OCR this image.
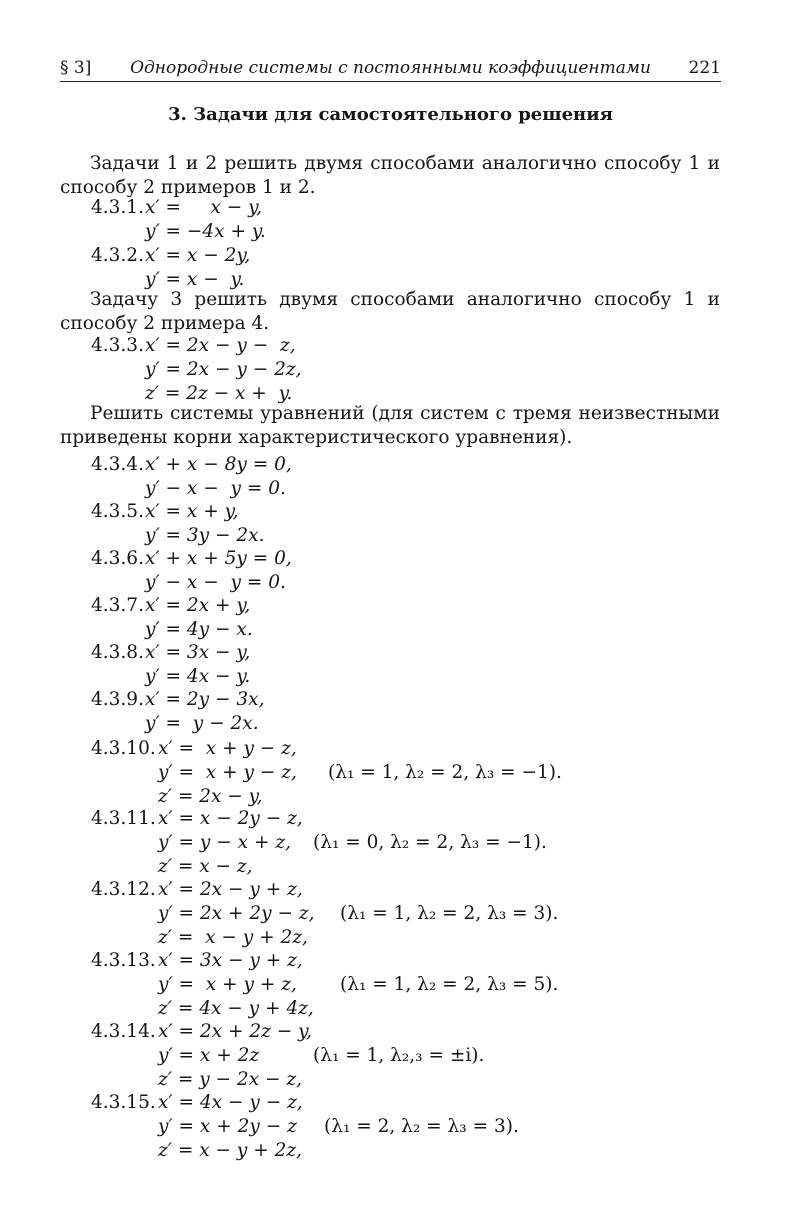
§ 3]	Однородные системы с постоянными коэффициентами	221
3. Задачи для самостоятельного решения
Задачи 1 и 2 решить двумя способами аналогично способу 1 и способу 2 примеров 1 и 2.
4.3.1. x′ =     x − y,
y′ = −4x + y.
4.3.2. x′ = x − 2y,
y′ = x −  y.
Задачу 3 решить двумя способами аналогично способу 1 и способу 2 примера 4.
4.3.3. x′ = 2x − y −  z,
y′ = 2x − y − 2z,
z′ = 2z − x +  y.
Решить системы уравнений (для систем с тремя неизвестными приведены корни характеристического уравнения).
4.3.4. x′ + x − 8y = 0,
y′ − x −  y = 0.
4.3.5. x′ = x + y,
y′ = 3y − 2x.
4.3.6. x′ + x + 5y = 0,
y′ − x −  y = 0.
4.3.7. x′ = 2x + y,
y′ = 4y − x.
4.3.8. x′ = 3x − y,
y′ = 4x − y.
4.3.9. x′ = 2y − 3x,
y′ =  y − 2x.
4.3.10. x′ =  x + y − z,
y′ =  x + y − z,
z′ = 2x − y,
(λ₁ = 1, λ₂ = 2, λ₃ = −1).
4.3.11. x′ = x − 2y − z,
y′ = y − x + z,
z′ = x − z,
(λ₁ = 0, λ₂ = 2, λ₃ = −1).
4.3.12. x′ = 2x − y + z,
y′ = 2x + 2y − z,
z′ =  x − y + 2z,
(λ₁ = 1, λ₂ = 2, λ₃ = 3).
4.3.13. x′ = 3x − y + z,
y′ =  x + y + z,
z′ = 4x − y + 4z,
(λ₁ = 1, λ₂ = 2, λ₃ = 5).
4.3.14. x′ = 2x + 2z − y,
y′ = x + 2z
z′ = y − 2x − z,
(λ₁ = 1, λ₂,₃ = ±i).
4.3.15. x′ = 4x − y − z,
y′ = x + 2y − z
z′ = x − y + 2z,
(λ₁ = 2, λ₂ = λ₃ = 3).
